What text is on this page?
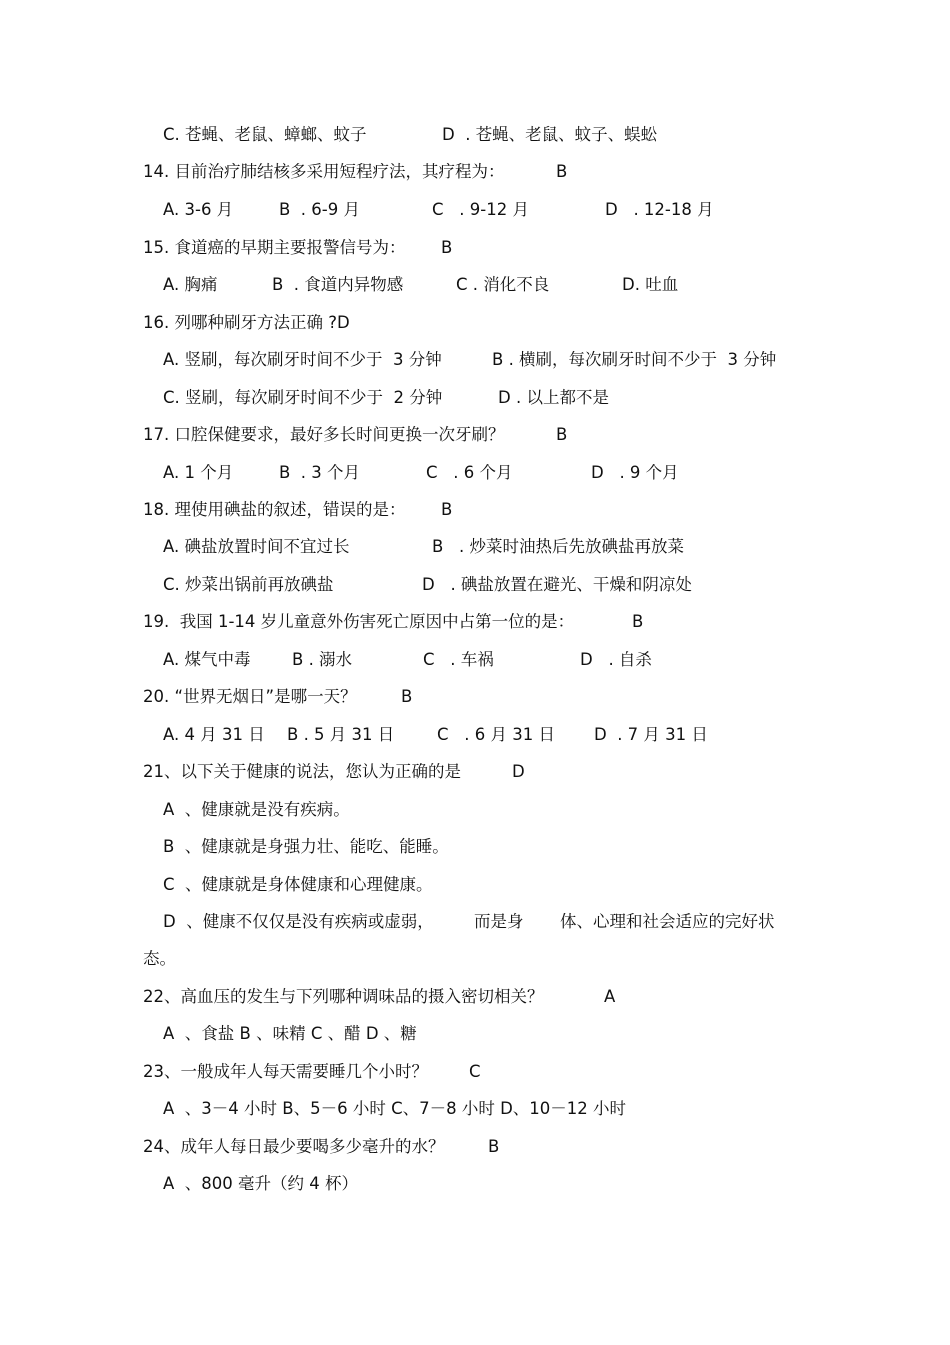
C. 苍蝇、老鼠、蟑螂、蚊子

	D  . 苍蝇、老鼠、蚊子、蜈蚣

14. 目前治疗肺结核多采用短程疗法，其疗程为：

	B

A. 3-6 月

	B  . 6-9 月

	C   . 9-12 月

	D   . 12-18 月

15. 食道癌的早期主要报警信号为：

B

A. 胸痛

	B  . 食道内异物感

	C . 消化不良

	D. 吐血

16. 列哪种刷牙方法正确 ?D

A. 竖刷，每次刷牙时间不少于  3 分钟

	B . 横刷，每次刷牙时间不少于  3 分钟

C. 竖刷，每次刷牙时间不少于  2 分钟

	D . 以上都不是

17. 口腔保健要求，最好多长时间更换一次牙刷？

	B

A. 1 个月

	B  . 3 个月

	C   . 6 个月

	D   . 9 个月

18. 理使用碘盐的叙述，错误的是：

B

A. 碘盐放置时间不宜过长

	B   . 炒菜时油热后先放碘盐再放菜

C. 炒菜出锅前再放碘盐

	D   . 碘盐放置在避光、干燥和阴凉处

19.  我国 1-14 岁儿童意外伤害死亡原因中占第一位的是：

	B

A. 煤气中毒

	B . 溺水

	C   . 车祸

	D   . 自杀

20. “世界无烟日”是哪一天？

	B

A. 4 月 31 日

B . 5 月 31 日

	C   . 6 月 31 日

D  . 7 月 31 日

21、以下关于健康的说法，您认为正确的是

	D

A  、健康就是没有疾病。

B  、健康就是身强力壮、能吃、能睡。

C  、健康就是身体健康和心理健康。

D  、健康不仅仅是没有疾病或虚弱，

而是身

体、心理和社会适应的完好状

态。

22、高血压的发生与下列哪种调味品的摄入密切相关？

	A

A  、食盐 B 、味精 C 、醋 D 、糖

23、一般成年人每天需要睡几个小时？

C

A  、3－4 小时 B、5－6 小时 C、7－8 小时 D、10－12 小时

24、成年人每日最少要喝多少毫升的水？

	B

A  、800 毫升（约 4 杯）
